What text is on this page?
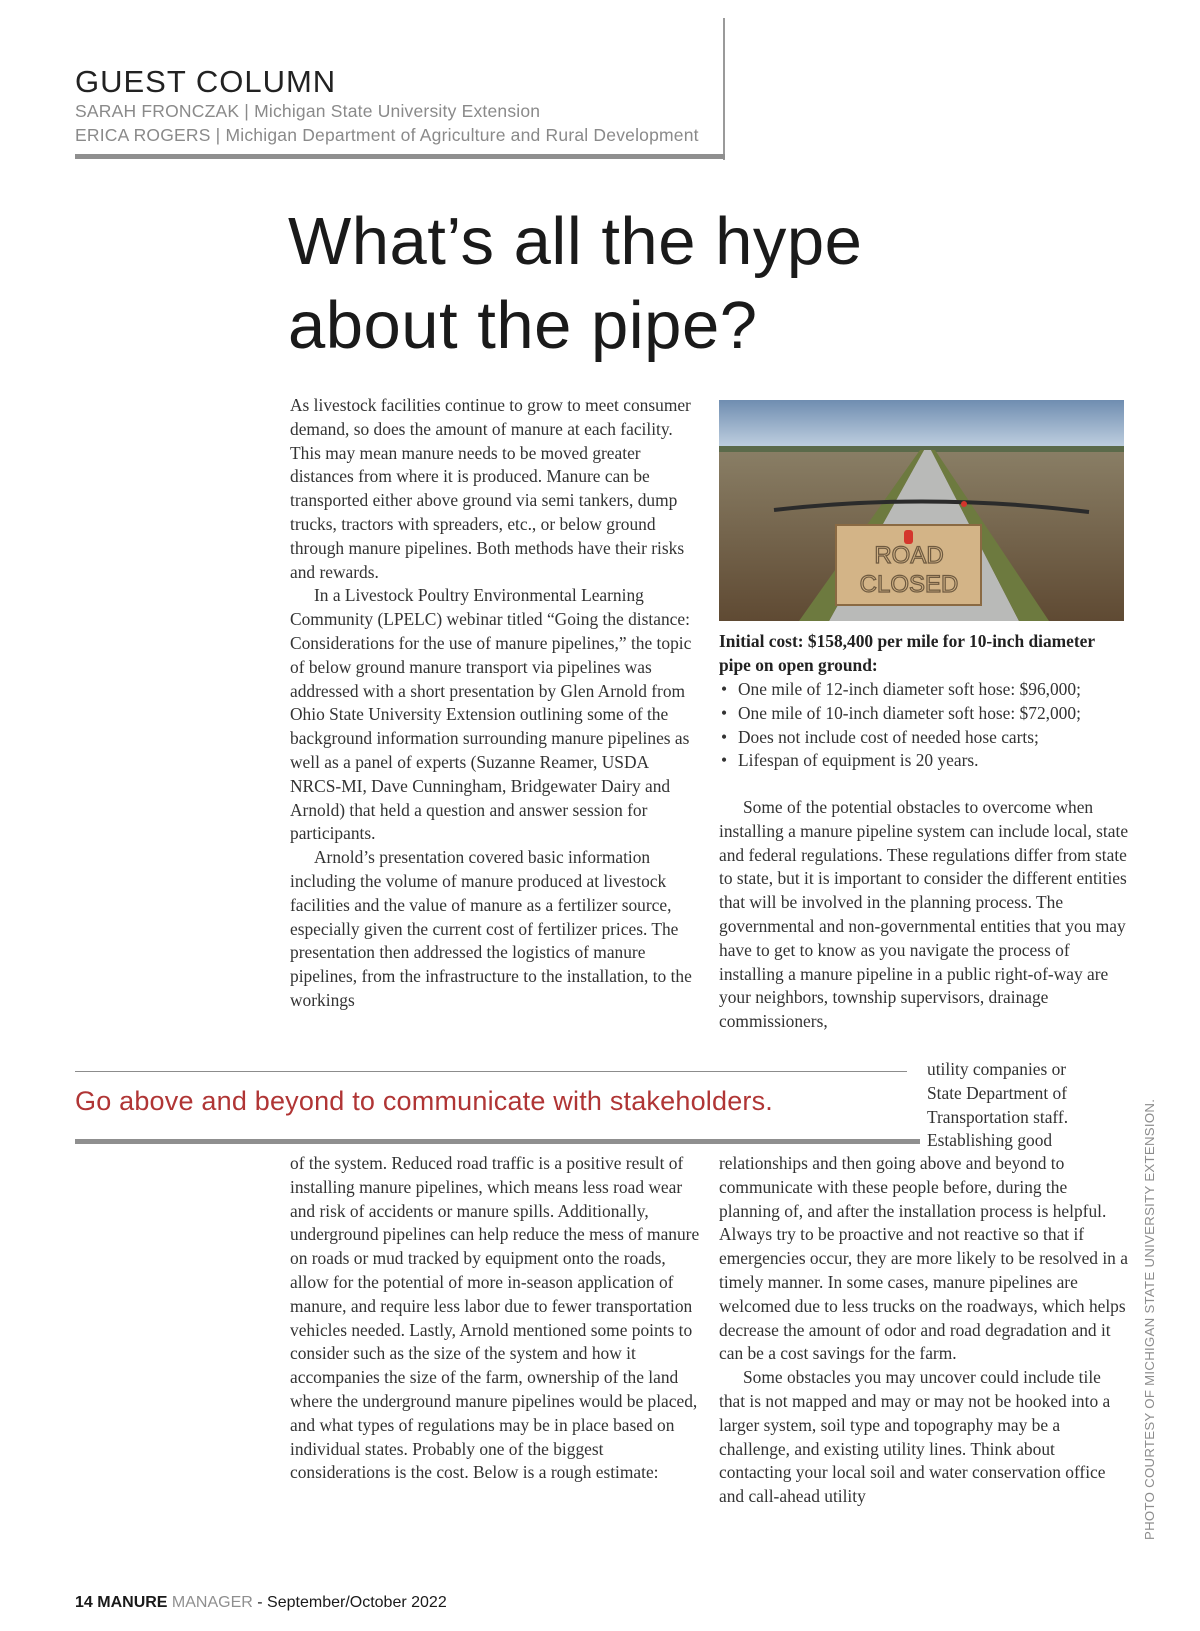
GUEST COLUMN
SARAH FRONCZAK | Michigan State University Extension
ERICA ROGERS | Michigan Department of Agriculture and Rural Development
What’s all the hype
about the pipe?

As livestock facilities continue to grow to meet consumer demand, so does the amount of manure at each facility. This may mean manure needs to be moved greater distances from where it is produced. Manure can be transported either above ground via semi tankers, dump trucks, tractors with spreaders, etc., or below ground through manure pipelines. Both methods have their risks and rewards.

In a Livestock Poultry Environmental Learning Community (LPELC) webinar titled “Going the distance: Considerations for the use of manure pipelines,” the topic of below ground manure transport via pipelines was addressed with a short presentation by Glen Arnold from Ohio State University Extension outlining some of the background information surrounding manure pipelines as well as a panel of experts (Suzanne Reamer, USDA NRCS-MI, Dave Cunningham, Bridgewater Dairy and Arnold) that held a question and answer session for participants.

Arnold’s presentation covered basic information including the volume of manure produced at livestock facilities and the value of manure as a fertilizer source, especially given the current cost of fertilizer prices. The presentation then addressed the logistics of manure pipelines, from the infrastructure to the installation, to the workings

ROAD
CLOSED
Initial cost: $158,400 per mile for 10-inch diameter pipe on open ground:
• One mile of 12-inch diameter soft hose: $96,000;
• One mile of 10-inch diameter soft hose: $72,000;
• Does not include cost of needed hose carts;
• Lifespan of equipment is 20 years.

Some of the potential obstacles to overcome when installing a manure pipeline system can include local, state and federal regulations. These regulations differ from state to state, but it is important to consider the different entities that will be involved in the planning process. The governmental and non-governmental entities that you may have to get to know as you navigate the process of installing a manure pipeline in a public right-of-way are your neighbors, township supervisors, drainage commissioners,

utility companies or
State Department of
Transportation staff.
Establishing good
Go above and beyond to communicate with stakeholders.

of the system. Reduced road traffic is a positive result of installing manure pipelines, which means less road wear and risk of accidents or manure spills. Additionally, underground pipelines can help reduce the mess of manure on roads or mud tracked by equipment onto the roads, allow for the potential of more in-season application of manure, and require less labor due to fewer transportation vehicles needed. Lastly, Arnold mentioned some points to consider such as the size of the system and how it accompanies the size of the farm, ownership of the land where the underground manure pipelines would be placed, and what types of regulations may be in place based on individual states. Probably one of the biggest considerations is the cost. Below is a rough estimate:

relationships and then going above and beyond to communicate with these people before, during the planning of, and after the installation process is helpful. Always try to be proactive and not reactive so that if emergencies occur, they are more likely to be resolved in a timely manner. In some cases, manure pipelines are welcomed due to less trucks on the roadways, which helps decrease the amount of odor and road degradation and it can be a cost savings for the farm.

Some obstacles you may uncover could include tile that is not mapped and may or may not be hooked into a larger system, soil type and topography may be a challenge, and existing utility lines. Think about contacting your local soil and water conservation office and call-ahead utility	PHOTO COURTESY OF MICHIGAN STATE UNIVERSITY EXTENSION.
14 MANURE MANAGER - September/October 2022
